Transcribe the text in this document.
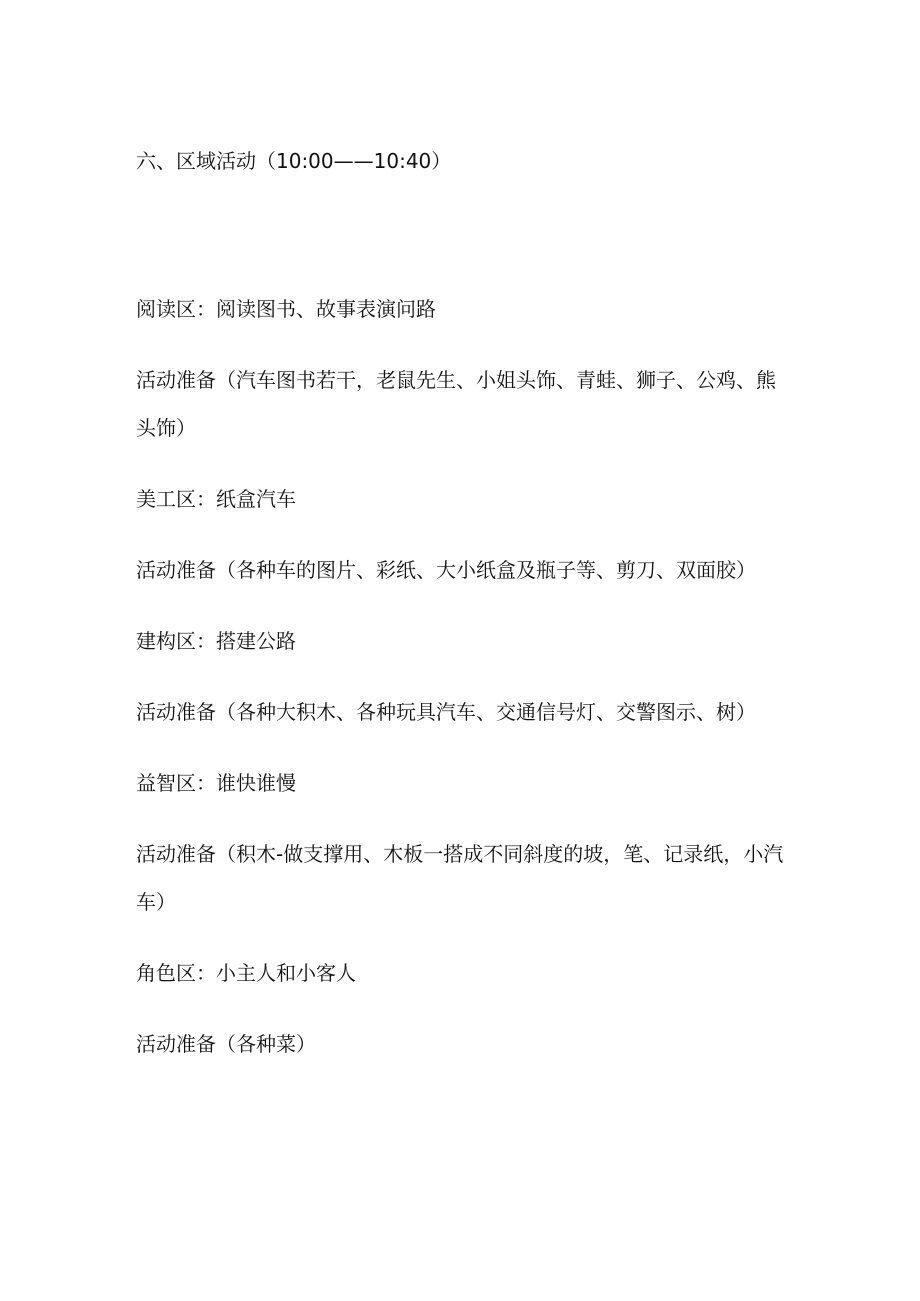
六、区域活动（10:00——10:40）

阅读区：阅读图书、故事表演问路

活动准备（汽车图书若干，老鼠先生、小姐头饰、青蛙、狮子、公鸡、熊头饰）

美工区：纸盒汽车

活动准备（各种车的图片、彩纸、大小纸盒及瓶子等、剪刀、双面胶）

建构区：搭建公路

活动准备（各种大积木、各种玩具汽车、交通信号灯、交警图示、树）

益智区：谁快谁慢

活动准备（积木-做支撑用、木板一搭成不同斜度的坡，笔、记录纸，小汽车）

角色区：小主人和小客人

活动准备（各种菜）
